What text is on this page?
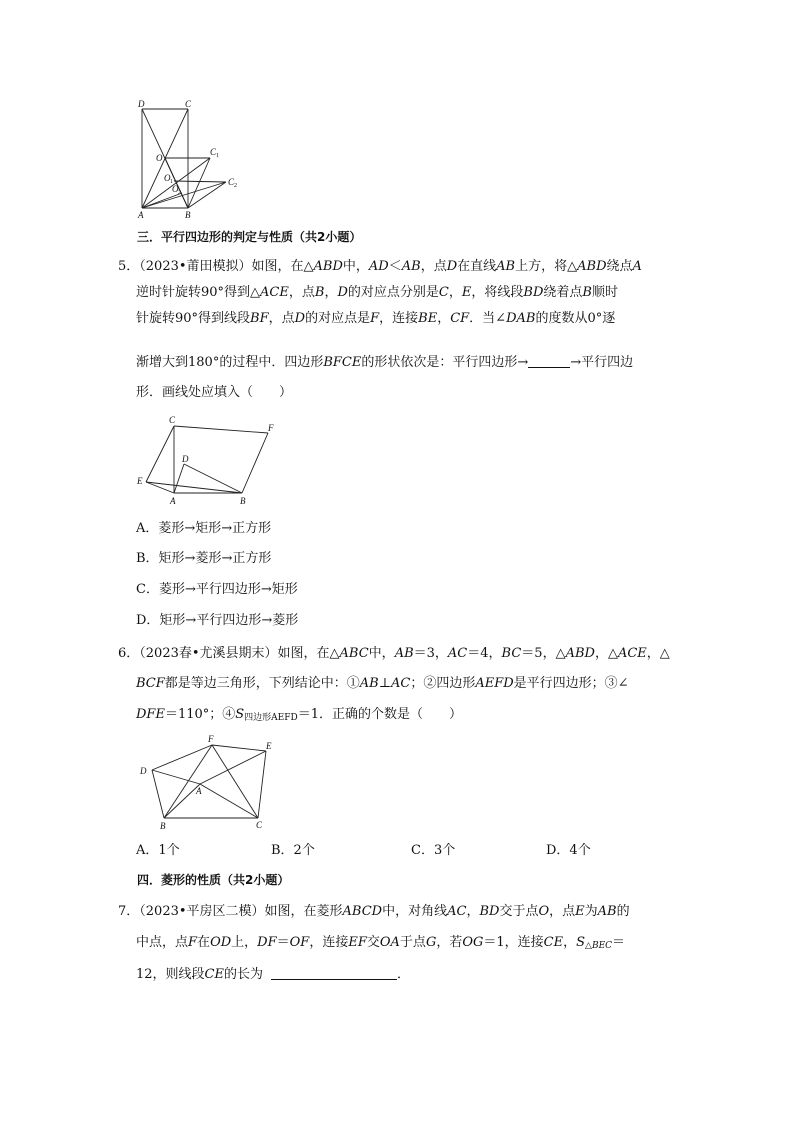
D	C
O
C 1
O 1
O 2
C 2
A	B
三．平行四边形的判定与性质（共2小题）
5．（2023•莆田模拟）如图，在△ABD中，AD＜AB，点D在直线AB上方，将△ABD绕点A
逆时针旋转90°得到△ACE，点B，D的对应点分别是C，E，将线段BD绕着点B顺时
针旋转90°得到线段BF，点D的对应点是F，连接BE，CF．当∠DAB的度数从0°逐
渐增大到180°的过程中．四边形BFCE的形状依次是：平行四边形→	→平行四边
形．画线处应填入（　　）
C
F
D
E
A	B
A．菱形→矩形→正方形
B．矩形→菱形→正方形
C．菱形→平行四边形→矩形
D．矩形→平行四边形→菱形
6．（2023春•尤溪县期末）如图，在△ABC中，AB＝3，AC＝4，BC＝5，△ABD，△ACE，△
BCF都是等边三角形，下列结论中：①AB⊥AC；②四边形AEFD是平行四边形；③∠
DFE＝110°；④S四边形AEFD＝1．正确的个数是（　　）
F
E
D
A
B	C
A．1个	B．2个	C．3个	D．4个
四．菱形的性质（共2小题）
7．（2023•平房区二模）如图，在菱形ABCD中，对角线AC，BD交于点O，点E为AB的
中点，点F在OD上，DF＝OF，连接EF交OA于点G，若OG＝1，连接CE，S△BEC＝
12，则线段CE的长为	．
